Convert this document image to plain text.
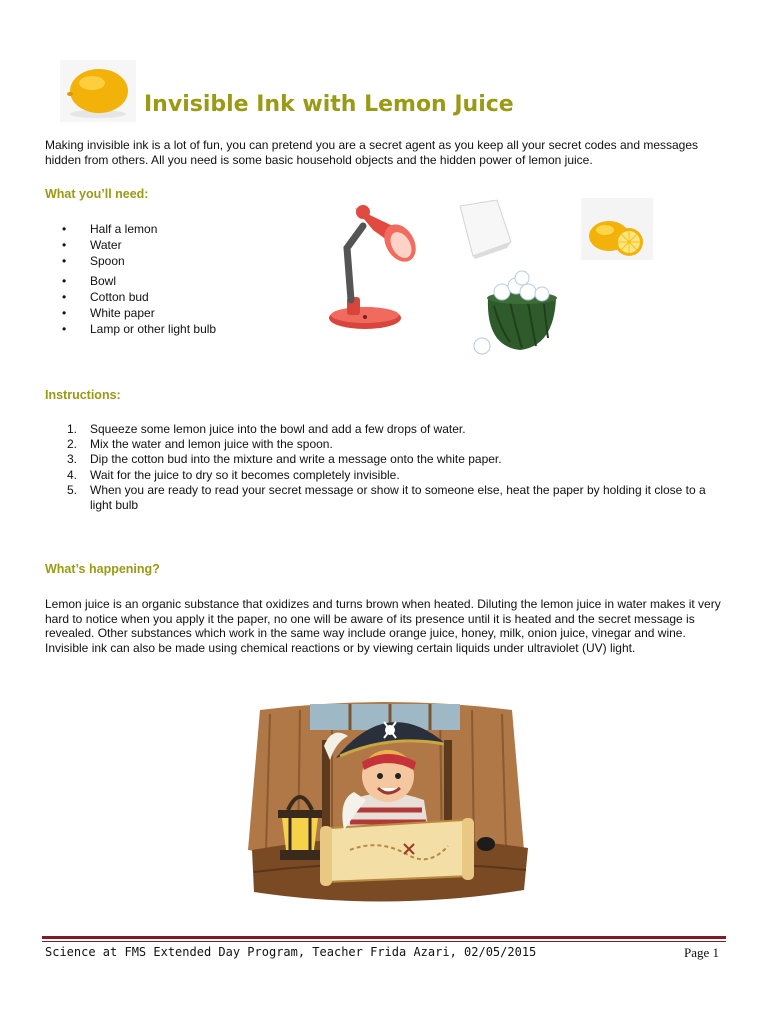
Invisible Ink with Lemon Juice
Making invisible ink is a lot of fun, you can pretend you are a secret agent as you keep all your secret codes and messages hidden from others. All you need is some basic household objects and the hidden power of lemon juice.
What you’ll need:
• Half a lemon
• Water
• Spoon
• Bowl
• Cotton bud
• White paper
• Lamp or other light bulb
Instructions:
1.	Squeeze some lemon juice into the bowl and add a few drops of water.
2.	Mix the water and lemon juice with the spoon.
3.	Dip the cotton bud into the mixture and write a message onto the white paper.
4.	Wait for the juice to dry so it becomes completely invisible.
5.	When you are ready to read your secret message or show it to someone else, heat the paper by holding it close to a light bulb
What’s happening?
Lemon juice is an organic substance that oxidizes and turns brown when heated. Diluting the lemon juice in water makes it very hard to notice when you apply it the paper, no one will be aware of its presence until it is heated and the secret message is revealed. Other substances which work in the same way include orange juice, honey, milk, onion juice, vinegar and wine. Invisible ink can also be made using chemical reactions or by viewing certain liquids under ultraviolet (UV) light.
Science at FMS Extended Day Program, Teacher Frida Azari, 02/05/2015	Page 1
